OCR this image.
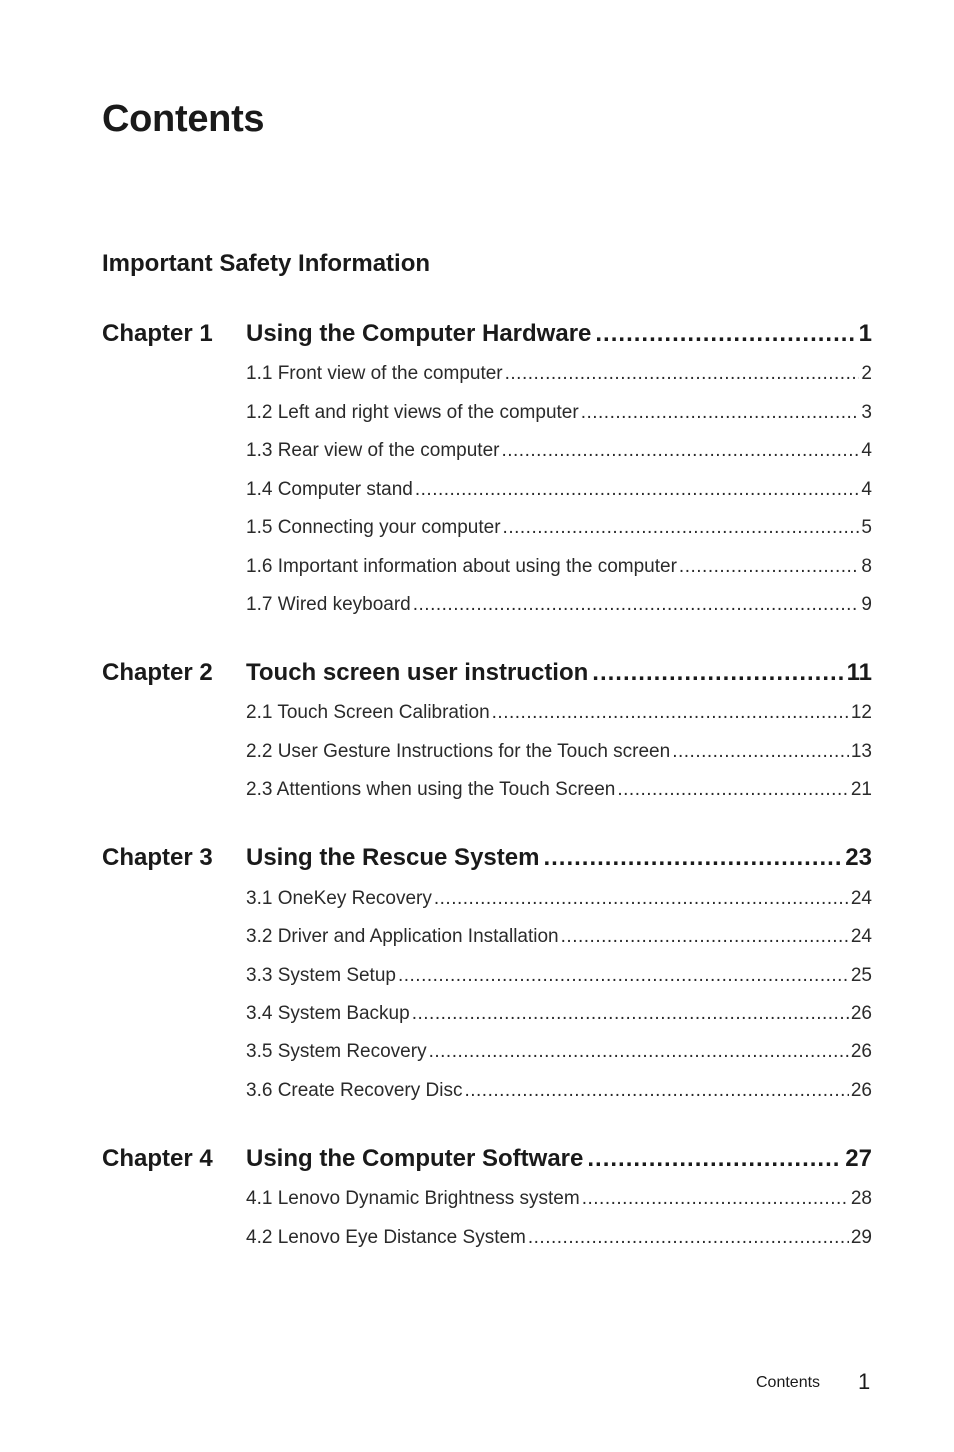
Contents
Important Safety Information
Chapter 1 Using the Computer Hardware .....	1
1.1 Front view of the computer .....	2
1.2 Left and right views of the computer .....	3
1.3 Rear view of the computer .....	4
1.4 Computer stand .....	4
1.5 Connecting your computer .....	5
1.6 Important information about using the computer .....	8
1.7 Wired keyboard .....	9
Chapter 2 Touch screen user instruction .....	11
2.1 Touch Screen Calibration .....	12
2.2 User Gesture Instructions for the Touch screen .....	13
2.3 Attentions when using the Touch Screen .....	21
Chapter 3 Using the Rescue System .....	23
3.1 OneKey Recovery .....	24
3.2 Driver and Application Installation .....	24
3.3 System Setup .....	25
3.4 System Backup .....	26
3.5 System Recovery .....	26
3.6 Create Recovery Disc .....	26
Chapter 4 Using the Computer Software .....	27
4.1 Lenovo Dynamic Brightness system .....	28
4.2 Lenovo Eye Distance System .....	29
Contents 1
